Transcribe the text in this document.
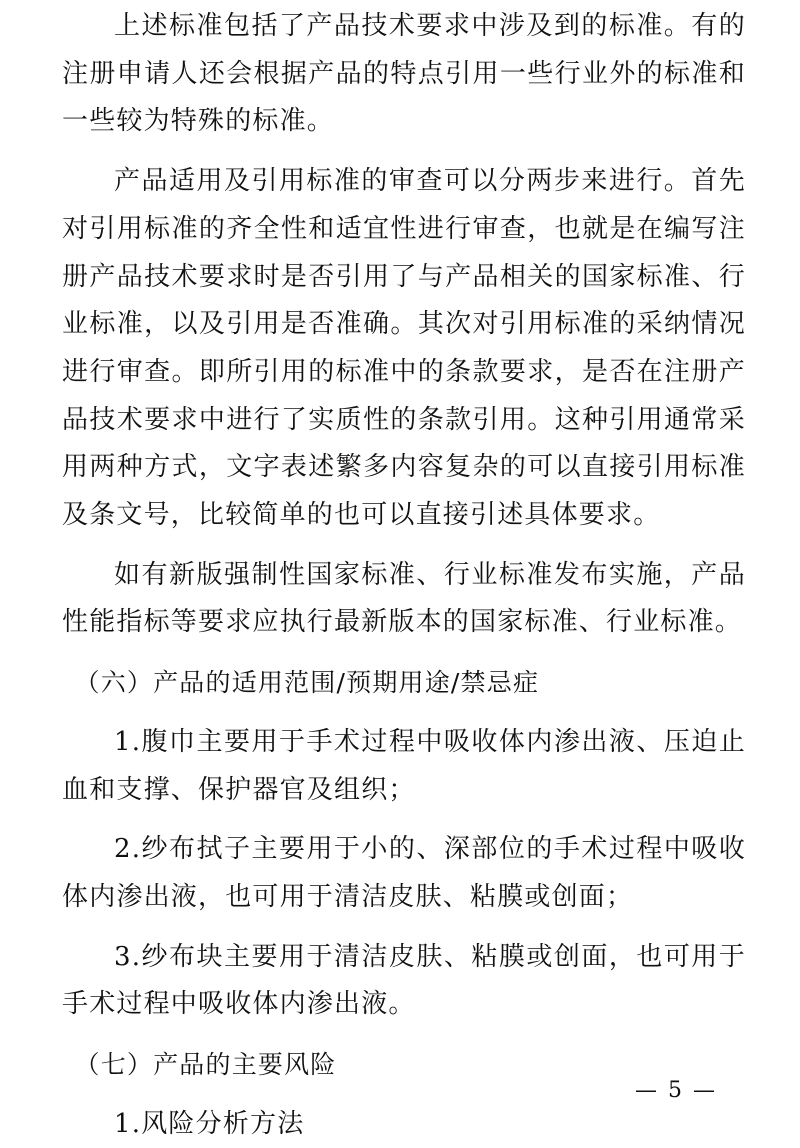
上述标准包括了产品技术要求中涉及到的标准。有的注册申请人还会根据产品的特点引用一些行业外的标准和一些较为特殊的标准。

产品适用及引用标准的审查可以分两步来进行。首先对引用标准的齐全性和适宜性进行审查，也就是在编写注册产品技术要求时是否引用了与产品相关的国家标准、行业标准，以及引用是否准确。其次对引用标准的采纳情况进行审查。即所引用的标准中的条款要求，是否在注册产品技术要求中进行了实质性的条款引用。这种引用通常采用两种方式，文字表述繁多内容复杂的可以直接引用标准及条文号，比较简单的也可以直接引述具体要求。

如有新版强制性国家标准、行业标准发布实施，产品性能指标等要求应执行最新版本的国家标准、行业标准。

（六）产品的适用范围/预期用途/禁忌症

1.腹巾主要用于手术过程中吸收体内渗出液、压迫止血和支撑、保护器官及组织；

2.纱布拭子主要用于小的、深部位的手术过程中吸收体内渗出液，也可用于清洁皮肤、粘膜或创面；

3.纱布块主要用于清洁皮肤、粘膜或创面，也可用于手术过程中吸收体内渗出液。

（七）产品的主要风险

1.风险分析方法

— 5 —
